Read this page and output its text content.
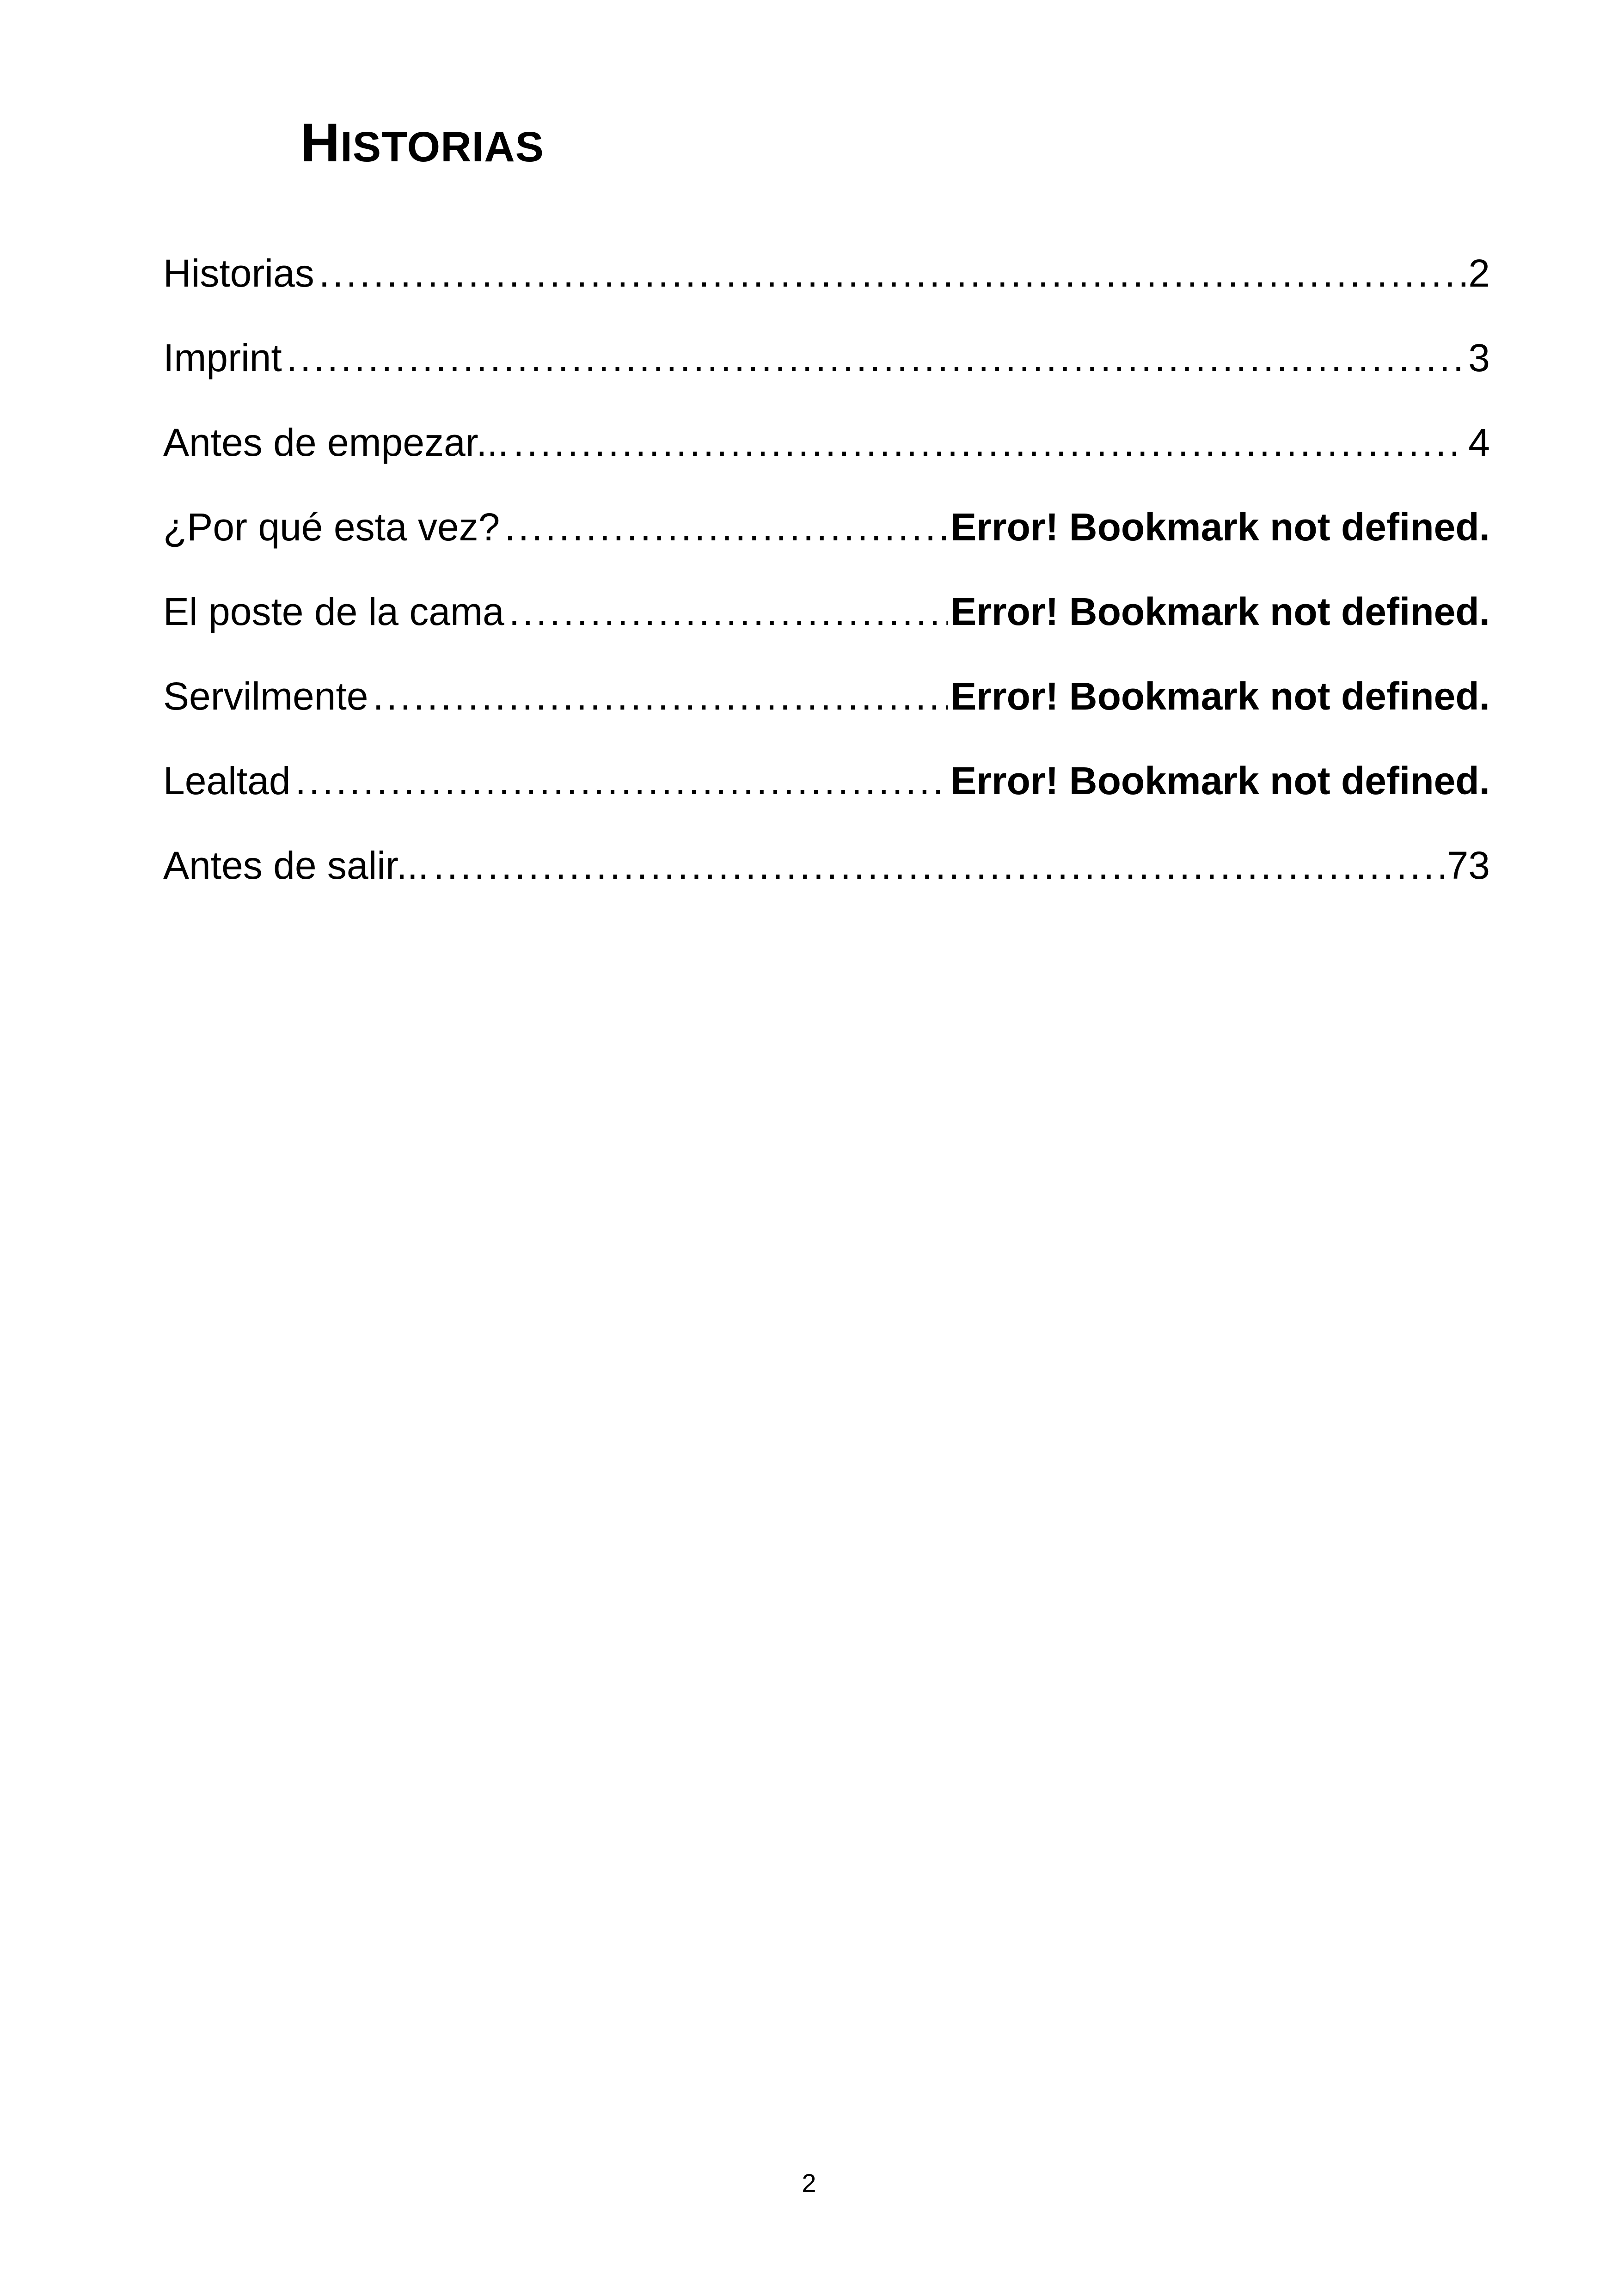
HISTORIAS
Historias .....	2
Imprint .....	3
Antes de empezar... .....	4
¿Por qué esta vez? .....	Error! Bookmark not defined.
El poste de la cama .....	Error! Bookmark not defined.
Servilmente .....	Error! Bookmark not defined.
Lealtad .....	Error! Bookmark not defined.
Antes de salir... .....	73
2
